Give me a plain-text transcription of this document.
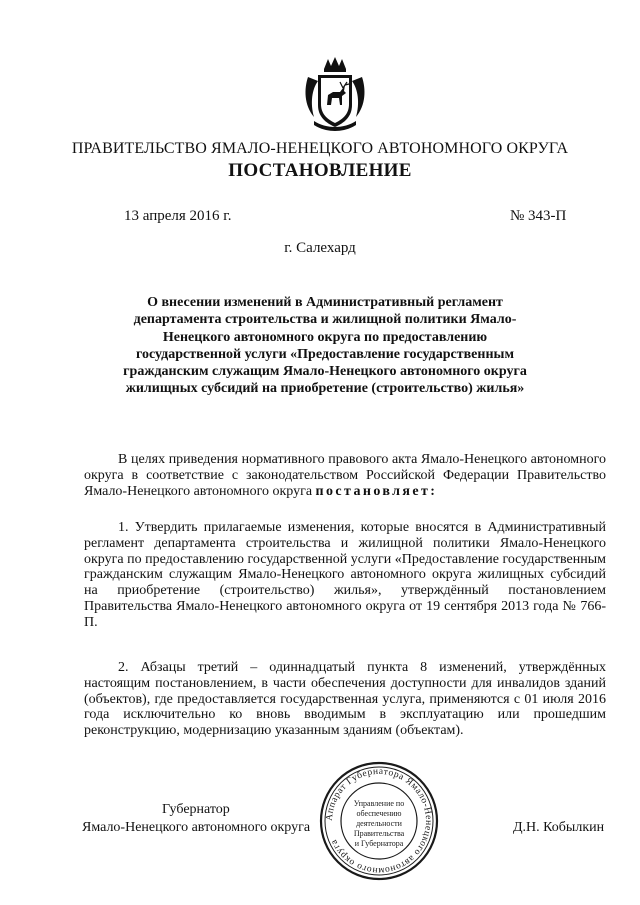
ПРАВИТЕЛЬСТВО ЯМАЛО-НЕНЕЦКОГО АВТОНОМНОГО ОКРУГА
ПОСТАНОВЛЕНИЕ
13 апреля 2016 г.	№ 343-П
г. Салехард
О внесении изменений в Административный регламент департамента строительства и жилищной политики Ямало-Ненецкого автономного округа по предоставлению государственной услуги «Предоставление государственным гражданским служащим Ямало-Ненецкого автономного округа жилищных субсидий на приобретение (строительство) жилья»
В целях приведения нормативного правового акта Ямало-Ненецкого автономного округа в соответствие с законодательством Российской Федерации Правительство Ямало-Ненецкого автономного округа постановляет:
1. Утвердить прилагаемые изменения, которые вносятся в Административный регламент департамента строительства и жилищной политики Ямало-Ненецкого округа по предоставлению государственной услуги «Предоставление государственным гражданским служащим Ямало-Ненецкого автономного округа жилищных субсидий на приобретение (строительство) жилья», утверждённый постановлением Правительства Ямало-Ненецкого автономного округа от 19 сентября 2013 года № 766-П.
2. Абзацы третий – одиннадцатый пункта 8 изменений, утверждённых настоящим постановлением, в части обеспечения доступности для инвалидов зданий (объектов), где предоставляется государственная услуга, применяются с 01 июля 2016 года исключительно ко вновь вводимым в эксплуатацию или прошедшим реконструкцию, модернизацию указанным зданиям (объектам).
Губернатор
Ямало-Ненецкого автономного округа	Д.Н. Кобылкин
Аппарат Губернатора Ямало-Ненецкого автономного округа
Управление по
обеспечению
деятельности
Правительства
и Губернатора
